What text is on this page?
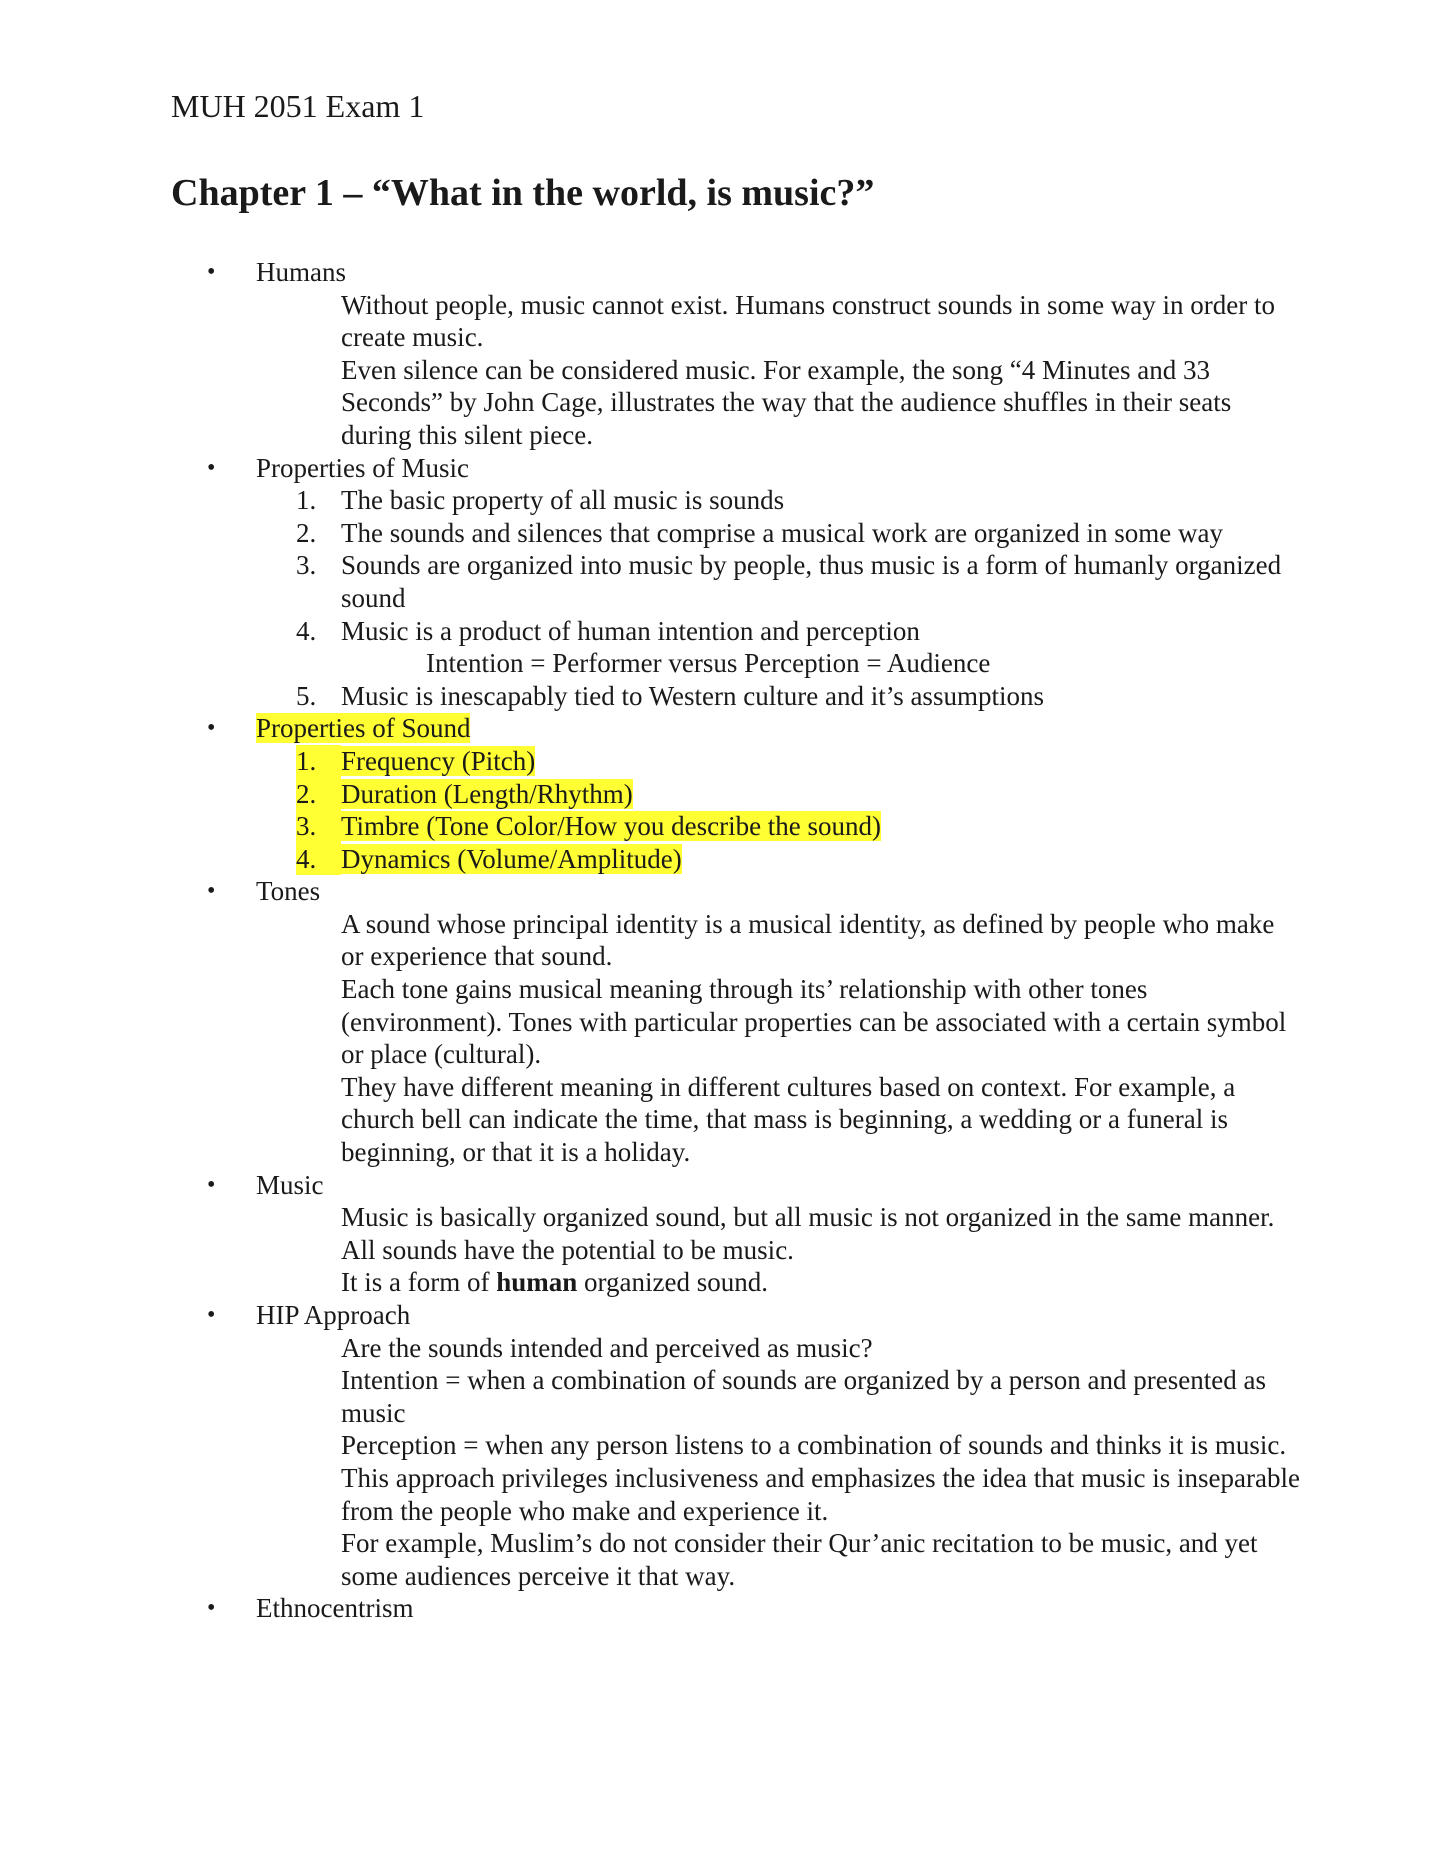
MUH 2051 Exam 1
Chapter 1 – “What in the world, is music?”
• Humans

Without people, music cannot exist. Humans construct sounds in some way in order to create music.

Even silence can be considered music. For example, the song “4 Minutes and 33 Seconds” by John Cage, illustrates the way that the audience shuffles in their seats during this silent piece.

• Properties of Music
1. The basic property of all music is sounds
2. The sounds and silences that comprise a musical work are organized in some way
3. Sounds are organized into music by people, thus music is a form of humanly organized sound
4. Music is a product of human intention and perception
Intention = Performer versus Perception = Audience
5. Music is inescapably tied to Western culture and it’s assumptions
• Properties of Sound
1. Frequency (Pitch)
2. Duration (Length/Rhythm)
3. Timbre (Tone Color/How you describe the sound)
4. Dynamics (Volume/Amplitude)
• Tones

A sound whose principal identity is a musical identity, as defined by people who make or experience that sound.

Each tone gains musical meaning through its’ relationship with other tones (environment). Tones with particular properties can be associated with a certain symbol or place (cultural).

They have different meaning in different cultures based on context. For example, a church bell can indicate the time, that mass is beginning, a wedding or a funeral is beginning, or that it is a holiday.

• Music

Music is basically organized sound, but all music is not organized in the same manner. All sounds have the potential to be music.

It is a form of human organized sound.

• HIP Approach

Are the sounds intended and perceived as music?

Intention = when a combination of sounds are organized by a person and presented as music

Perception = when any person listens to a combination of sounds and thinks it is music.

This approach privileges inclusiveness and emphasizes the idea that music is inseparable from the people who make and experience it.

For example, Muslim’s do not consider their Qur’anic recitation to be music, and yet some audiences perceive it that way.

• Ethnocentrism
